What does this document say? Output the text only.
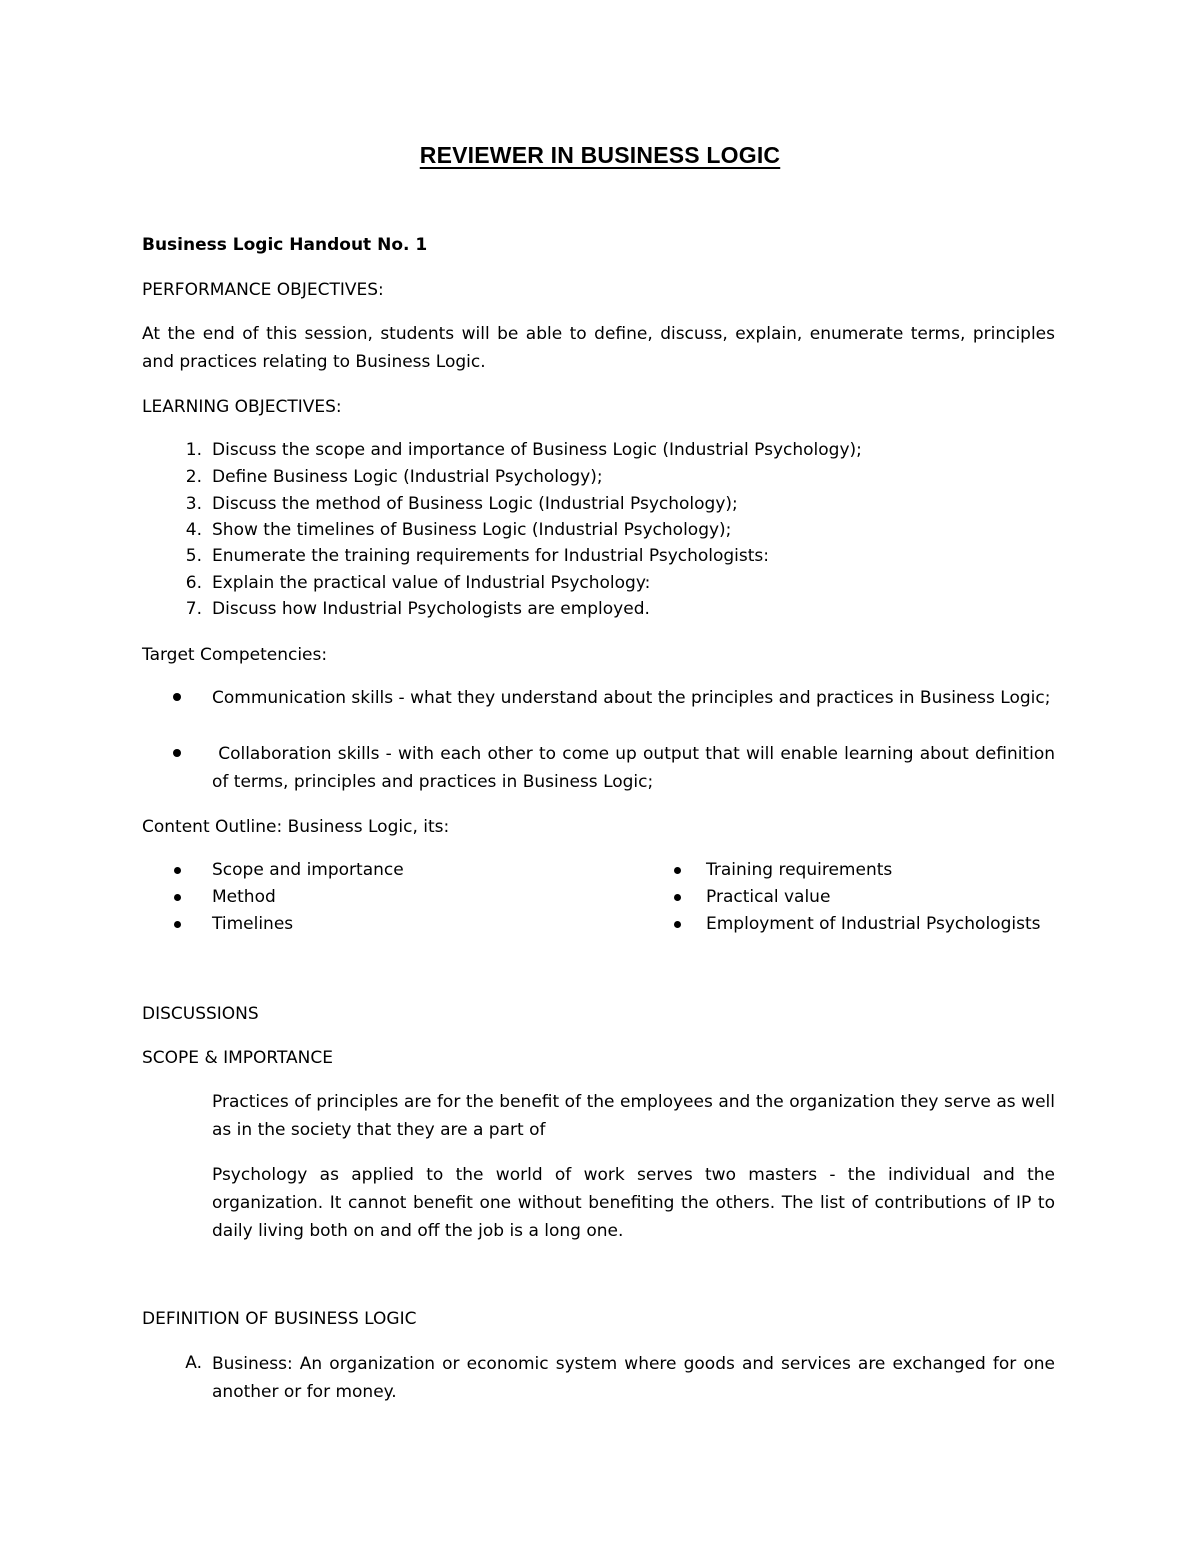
REVIEWER IN BUSINESS LOGIC
Business Logic Handout No. 1
PERFORMANCE OBJECTIVES:
At the end of this session, students will be able to define, discuss, explain, enumerate terms, principles and practices relating to Business Logic.
LEARNING OBJECTIVES:
1. Discuss the scope and importance of Business Logic (Industrial Psychology);
2. Define Business Logic (Industrial Psychology);
3. Discuss the method of Business Logic (Industrial Psychology);
4. Show the timelines of Business Logic (Industrial Psychology);
5. Enumerate the training requirements for Industrial Psychologists:
6. Explain the practical value of Industrial Psychology:
7. Discuss how Industrial Psychologists are employed.
Target Competencies:
Communication skills - what they understand about the principles and practices in Business Logic;
Collaboration skills - with each other to come up output that will enable learning about definition of terms, principles and practices in Business Logic;
Content Outline: Business Logic, its:
Scope and importance
Method
Timelines
Training requirements
Practical value
Employment of Industrial Psychologists
DISCUSSIONS
SCOPE & IMPORTANCE
Practices of principles are for the benefit of the employees and the organization they serve as well as in the society that they are a part of
Psychology as applied to the world of work serves two masters - the individual and the organization. It cannot benefit one without benefiting the others. The list of contributions of IP to daily living both on and off the job is a long one.
DEFINITION OF BUSINESS LOGIC
A. Business: An organization or economic system where goods and services are exchanged for one another or for money.
